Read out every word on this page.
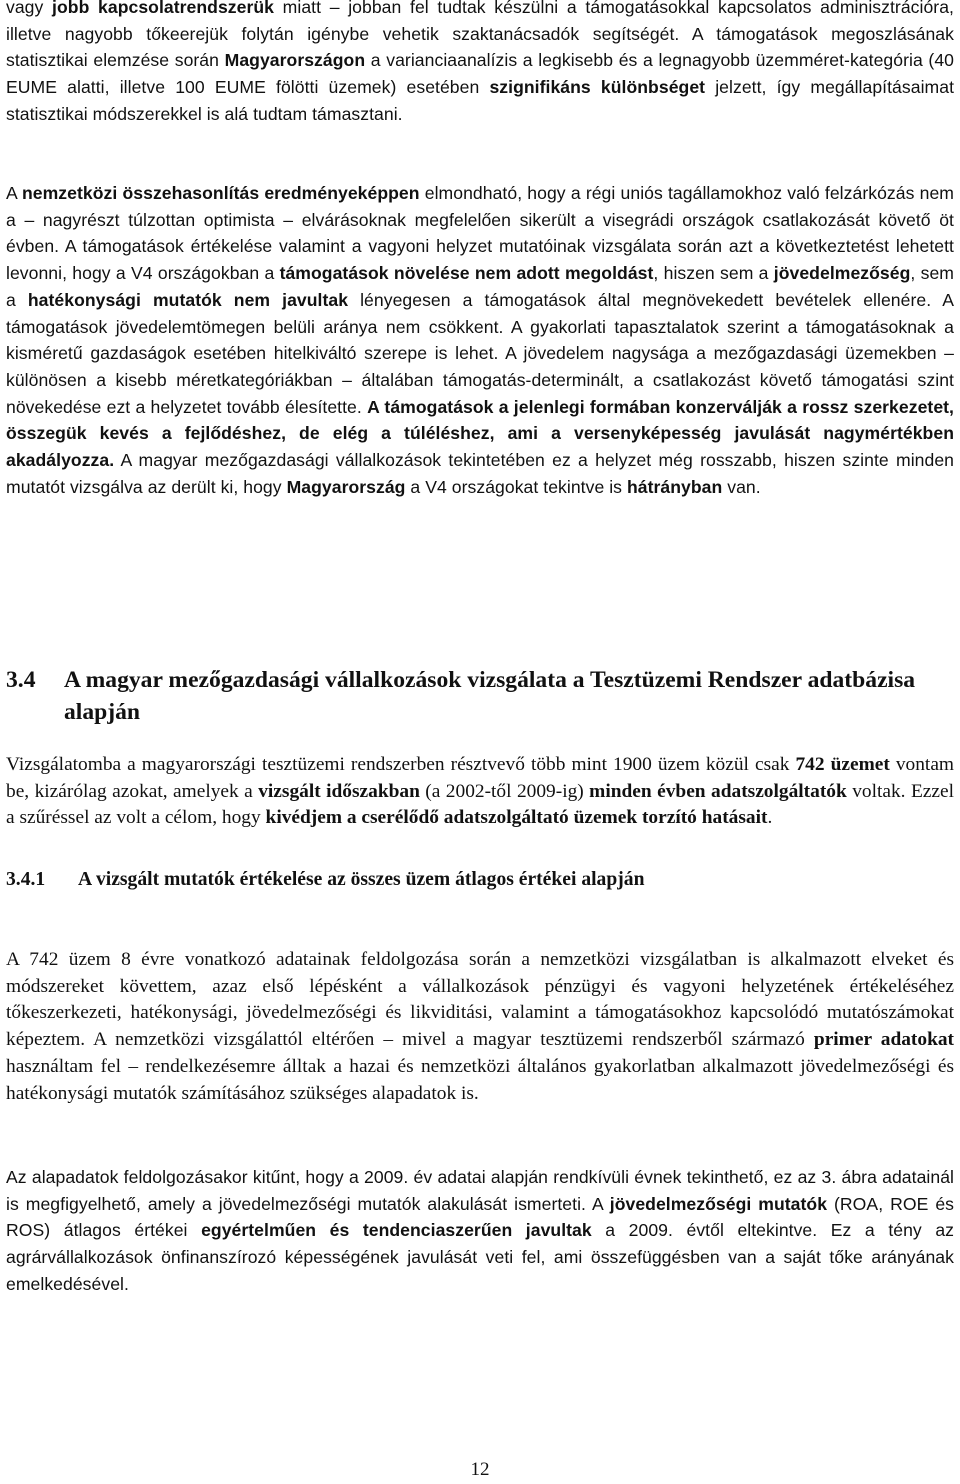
vagy jobb kapcsolatrendszerük miatt – jobban fel tudtak készülni a támogatásokkal kapcsolatos adminisztrációra, illetve nagyobb tőkeerejük folytán igénybe vehetik szaktanácsadók segítségét. A támogatások megoszlásának statisztikai elemzése során Magyarországon a varianciaanalízis a legkisebb és a legnagyobb üzemméret-kategória (40 EUME alatti, illetve 100 EUME fölötti üzemek) esetében szignifikáns különbséget jelzett, így megállapításaimat statisztikai módszerekkel is alá tudtam támasztani.
A nemzetközi összehasonlítás eredményeképpen elmondható, hogy a régi uniós tagállamokhoz való felzárkózás nem a – nagyrészt túlzottan optimista – elvárásoknak megfelelően sikerült a visegrádi országok csatlakozását követő öt évben. A támogatások értékelése valamint a vagyoni helyzet mutatóinak vizsgálata során azt a következtetést lehetett levonni, hogy a V4 országokban a támogatások növelése nem adott megoldást, hiszen sem a jövedelmezőség, sem a hatékonysági mutatók nem javultak lényegesen a támogatások által megnövekedett bevételek ellenére. A támogatások jövedelemtömegen belüli aránya nem csökkent. A gyakorlati tapasztalatok szerint a támogatásoknak a kisméretű gazdaságok esetében hitelkiváltó szerepe is lehet. A jövedelem nagysága a mezőgazdasági üzemekben – különösen a kisebb méretkategóriákban – általában támogatás-determinált, a csatlakozást követő támogatási szint növekedése ezt a helyzetet tovább élesítette. A támogatások a jelenlegi formában konzerválják a rossz szerkezetet, összegük kevés a fejlődéshez, de elég a túléléshez, ami a versenyképesség javulását nagymértékben akadályozza. A magyar mezőgazdasági vállalkozások tekintetében ez a helyzet még rosszabb, hiszen szinte minden mutatót vizsgálva az derült ki, hogy Magyarország a V4 országokat tekintve is hátrányban van.
3.4 A magyar mezőgazdasági vállalkozások vizsgálata a Tesztüzemi Rendszer adatbázisa alapján
Vizsgálatomba a magyarországi tesztüzemi rendszerben résztvevő több mint 1900 üzem közül csak 742 üzemet vontam be, kizárólag azokat, amelyek a vizsgált időszakban (a 2002-től 2009-ig) minden évben adatszolgáltatók voltak. Ezzel a szűréssel az volt a célom, hogy kivédjem a cserélődő adatszolgáltató üzemek torzító hatásait.
3.4.1 A vizsgált mutatók értékelése az összes üzem átlagos értékei alapján
A 742 üzem 8 évre vonatkozó adatainak feldolgozása során a nemzetközi vizsgálatban is alkalmazott elveket és módszereket követtem, azaz első lépésként a vállalkozások pénzügyi és vagyoni helyzetének értékeléséhez tőkeszerkezeti, hatékonysági, jövedelmezőségi és likviditási, valamint a támogatásokhoz kapcsolódó mutatószámokat képeztem. A nemzetközi vizsgálattól eltérően – mivel a magyar tesztüzemi rendszerből származó primer adatokat használtam fel – rendelkezésemre álltak a hazai és nemzetközi általános gyakorlatban alkalmazott jövedelmezőségi és hatékonysági mutatók számításához szükséges alapadatok is.
Az alapadatok feldolgozásakor kitűnt, hogy a 2009. év adatai alapján rendkívüli évnek tekinthető, ez az 3. ábra adatainál is megfigyelhető, amely a jövedelmezőségi mutatók alakulását ismerteti. A jövedelmezőségi mutatók (ROA, ROE és ROS) átlagos értékei egyértelműen és tendenciaszerűen javultak a 2009. évtől eltekintve. Ez a tény az agrárvállalkozások önfinanszírozó képességének javulását veti fel, ami összefüggésben van a saját tőke arányának emelkedésével.
12
